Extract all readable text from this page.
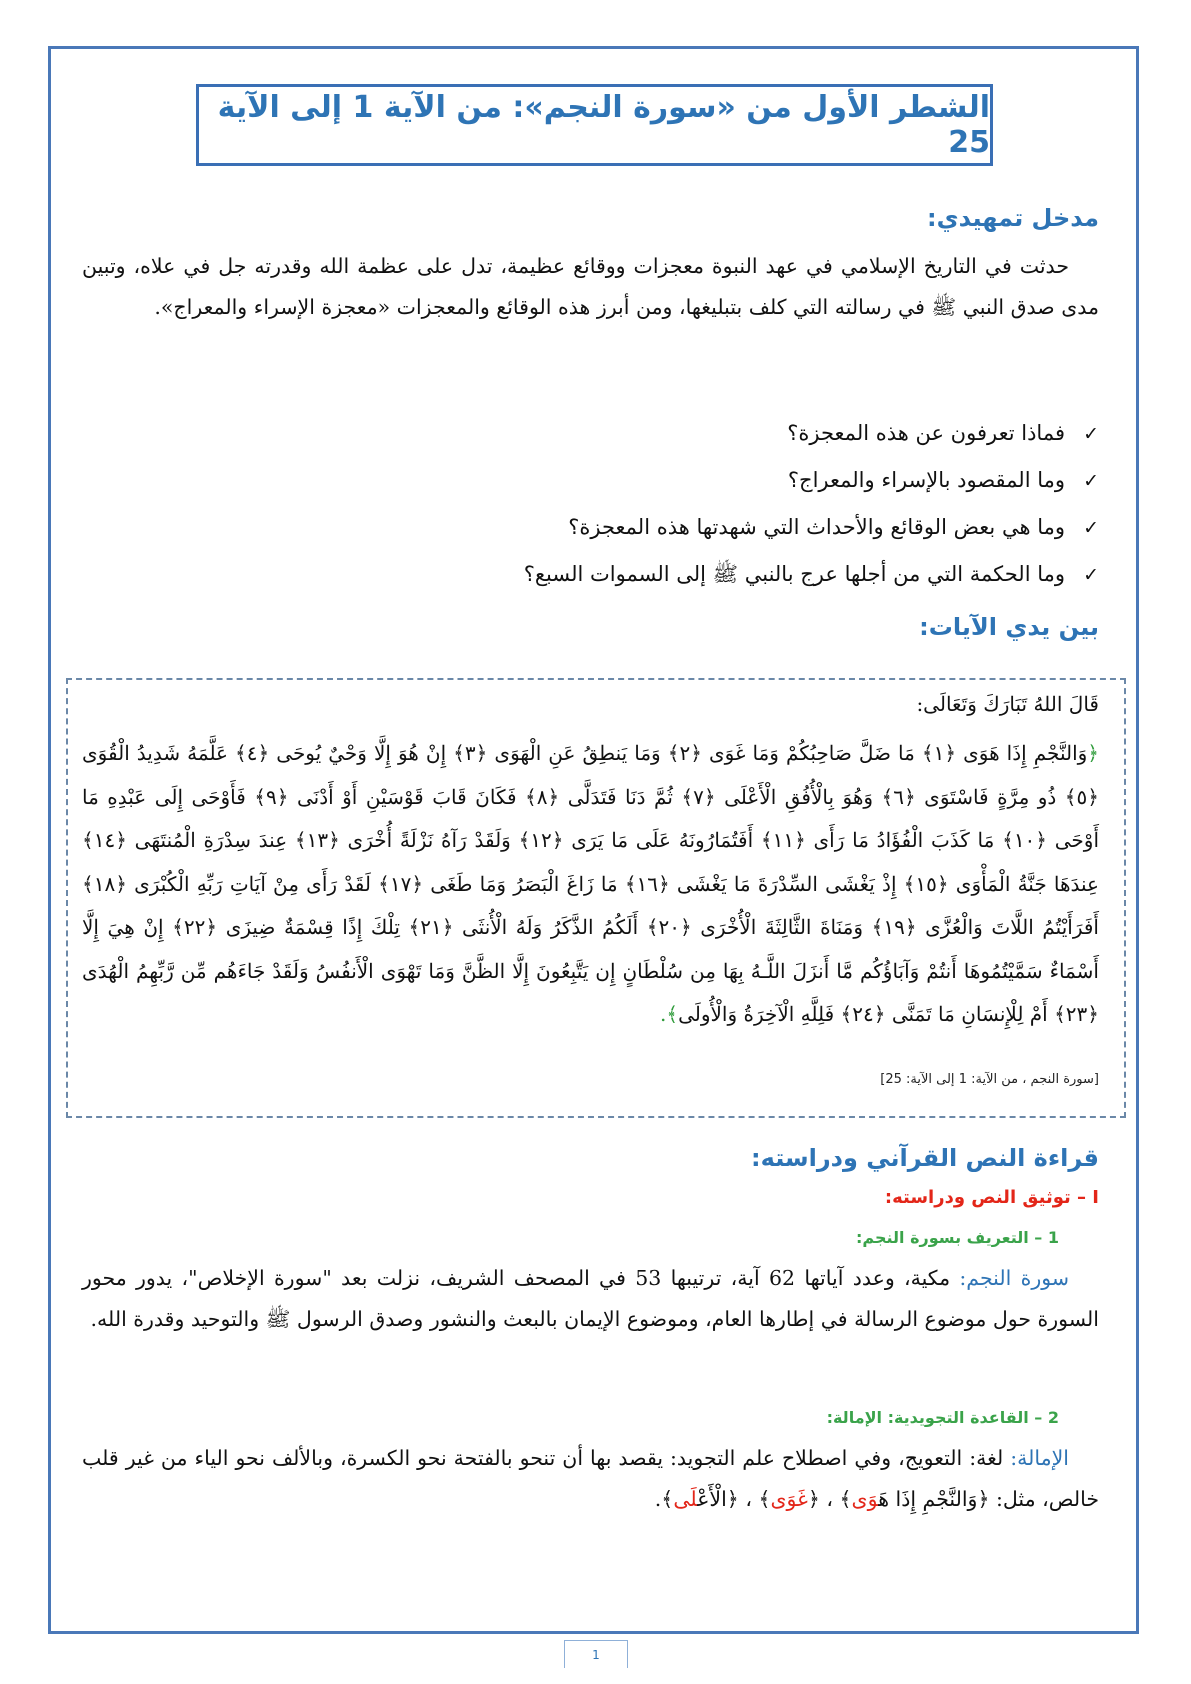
الشطر الأول من «سورة النجم»: من الآية 1 إلى الآية 25
مدخل تمهيدي:
حدثت في التاريخ الإسلامي في عهد النبوة معجزات ووقائع عظيمة، تدل على عظمة الله وقدرته جل في علاه، وتبين مدى صدق النبي ﷺ في رسالته التي كلف بتبليغها، ومن أبرز هذه الوقائع والمعجزات «معجزة الإسراء والمعراج».
✓فماذا تعرفون عن هذه المعجزة؟
✓وما المقصود بالإسراء والمعراج؟
✓وما هي بعض الوقائع والأحداث التي شهدتها هذه المعجزة؟
✓وما الحكمة التي من أجلها عرج بالنبي ﷺ إلى السموات السبع؟
بين يدي الآيات:
قَالَ اللهُ تَبَارَكَ وَتَعَالَى:
﴿وَالنَّجْمِ إِذَا هَوَى ﴿١﴾ مَا ضَلَّ صَاحِبُكُمْ وَمَا غَوَى ﴿٢﴾ وَمَا يَنطِقُ عَنِ الْهَوَى ﴿٣﴾ إِنْ هُوَ إِلَّا وَحْيٌ يُوحَى ﴿٤﴾ عَلَّمَهُ شَدِيدُ الْقُوَى ﴿٥﴾ ذُو مِرَّةٍ فَاسْتَوَى ﴿٦﴾ وَهُوَ بِالْأُفُقِ الْأَعْلَى ﴿٧﴾ ثُمَّ دَنَا فَتَدَلَّى ﴿٨﴾ فَكَانَ قَابَ قَوْسَيْنِ أَوْ أَدْنَى ﴿٩﴾ فَأَوْحَى إِلَى عَبْدِهِ مَا أَوْحَى ﴿١٠﴾ مَا كَذَبَ الْفُؤَادُ مَا رَأَى ﴿١١﴾ أَفَتُمَارُونَهُ عَلَى مَا يَرَى ﴿١٢﴾ وَلَقَدْ رَآهُ نَزْلَةً أُخْرَى ﴿١٣﴾ عِندَ سِدْرَةِ الْمُنتَهَى ﴿١٤﴾ عِندَهَا جَنَّةُ الْمَأْوَى ﴿١٥﴾ إِذْ يَغْشَى السِّدْرَةَ مَا يَغْشَى ﴿١٦﴾ مَا زَاغَ الْبَصَرُ وَمَا طَغَى ﴿١٧﴾ لَقَدْ رَأَى مِنْ آيَاتِ رَبِّهِ الْكُبْرَى ﴿١٨﴾ أَفَرَأَيْتُمُ اللَّاتَ وَالْعُزَّى ﴿١٩﴾ وَمَنَاةَ الثَّالِثَةَ الْأُخْرَى ﴿٢٠﴾ أَلَكُمُ الذَّكَرُ وَلَهُ الْأُنثَى ﴿٢١﴾ تِلْكَ إِذًا قِسْمَةٌ ضِيزَى ﴿٢٢﴾ إِنْ هِيَ إِلَّا أَسْمَاءٌ سَمَّيْتُمُوهَا أَنتُمْ وَآبَاؤُكُم مَّا أَنزَلَ اللَّـهُ بِهَا مِن سُلْطَانٍ إِن يَتَّبِعُونَ إِلَّا الظَّنَّ وَمَا تَهْوَى الْأَنفُسُ وَلَقَدْ جَاءَهُم مِّن رَّبِّهِمُ الْهُدَى ﴿٢٣﴾ أَمْ لِلْإِنسَانِ مَا تَمَنَّى ﴿٢٤﴾ فَلِلَّهِ الْآخِرَةُ وَالْأُولَى﴾.
[سورة النجم ، من الآية: 1 إلى الآية: 25]
قراءة النص القرآني ودراسته:
I – توثيق النص ودراسته:
1 – التعريف بسورة النجم:
سورة النجم: مكية، وعدد آياتها 62 آية، ترتيبها 53 في المصحف الشريف، نزلت بعد "سورة الإخلاص"، يدور محور السورة حول موضوع الرسالة في إطارها العام، وموضوع الإيمان بالبعث والنشور وصدق الرسول ﷺ والتوحيد وقدرة الله.
2 – القاعدة التجويدية: الإمالة:
الإمالة: لغة: التعويج، وفي اصطلاح علم التجويد: يقصد بها أن تنحو بالفتحة نحو الكسرة، وبالألف نحو الياء من غير قلب خالص، مثل: ﴿وَالنَّجْمِ إِذَا هَوَى﴾ ، ﴿غَوَى﴾ ، ﴿الْأَعْلَى﴾.
1
